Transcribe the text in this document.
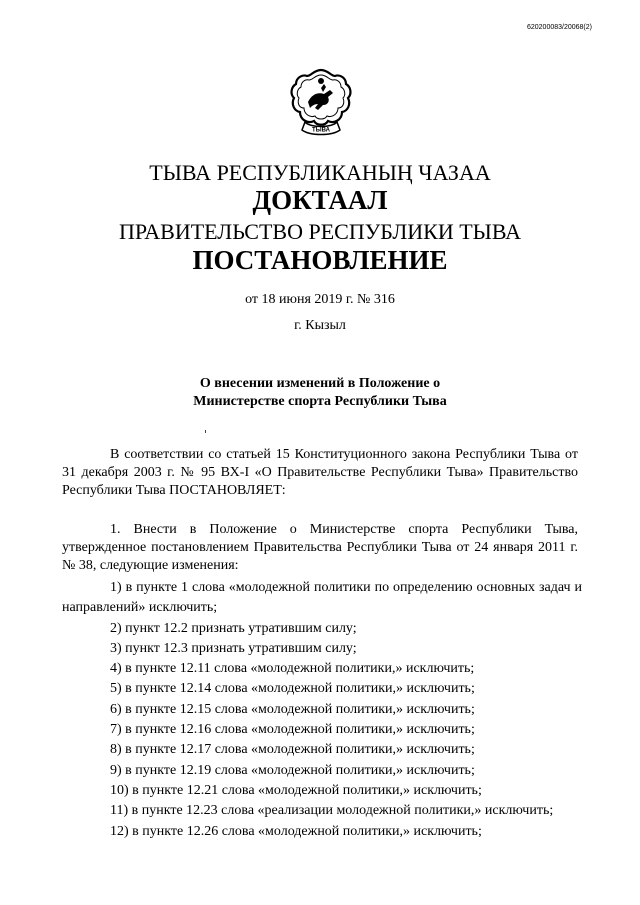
620200083/20068(2)
ТЫВА
ТЫВА РЕСПУБЛИКАНЫҢ ЧАЗАА
ДОКТААЛ
ПРАВИТЕЛЬСТВО РЕСПУБЛИКИ ТЫВА
ПОСТАНОВЛЕНИЕ
от 18 июня 2019 г. № 316
г. Кызыл
О внесении изменений в Положение о
Министерстве спорта Республики Тыва
В соответствии со статьей 15 Конституционного закона Республики Тыва от 31 декабря 2003 г. № 95 ВХ-I «О Правительстве Республики Тыва» Правительство Республики Тыва ПОСТАНОВЛЯЕТ:
1. Внести в Положение о Министерстве спорта Республики Тыва, утвержденное постановлением Правительства Республики Тыва от 24 января 2011 г. № 38, следующие изменения:
1) в пункте 1 слова «молодежной политики по определению основных задач и направлений» исключить;
2) пункт 12.2 признать утратившим силу;
3) пункт 12.3 признать утратившим силу;
4) в пункте 12.11 слова «молодежной политики,» исключить;
5) в пункте 12.14 слова «молодежной политики,» исключить;
6) в пункте 12.15 слова «молодежной политики,» исключить;
7) в пункте 12.16 слова «молодежной политики,» исключить;
8) в пункте 12.17 слова «молодежной политики,» исключить;
9) в пункте 12.19 слова «молодежной политики,» исключить;
10) в пункте 12.21 слова «молодежной политики,» исключить;
11) в пункте 12.23 слова «реализации молодежной политики,» исключить;
12) в пункте 12.26 слова «молодежной политики,» исключить;
